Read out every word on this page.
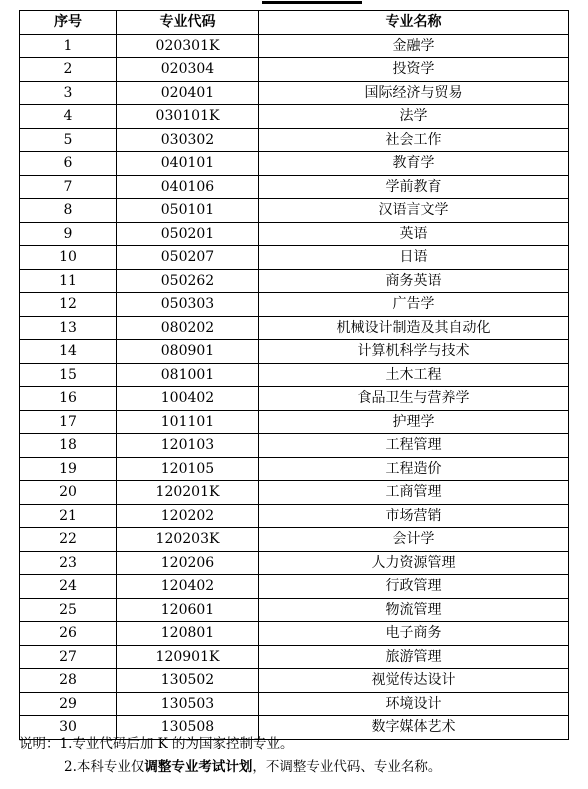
序号	专业代码	专业名称
1	020301K	金融学
2	020304	投资学
3	020401	国际经济与贸易
4	030101K	法学
5	030302	社会工作
6	040101	教育学
7	040106	学前教育
8	050101	汉语言文学
9	050201	英语
10	050207	日语
11	050262	商务英语
12	050303	广告学
13	080202	机械设计制造及其自动化
14	080901	计算机科学与技术
15	081001	土木工程
16	100402	食品卫生与营养学
17	101101	护理学
18	120103	工程管理
19	120105	工程造价
20	120201K	工商管理
21	120202	市场营销
22	120203K	会计学
23	120206	人力资源管理
24	120402	行政管理
25	120601	物流管理
26	120801	电子商务
27	120901K	旅游管理
28	130502	视觉传达设计
29	130503	环境设计
30	130508	数字媒体艺术
说明：1.专业代码后加 K 的为国家控制专业。
2.本科专业仅调整专业考试计划，不调整专业代码、专业名称。
